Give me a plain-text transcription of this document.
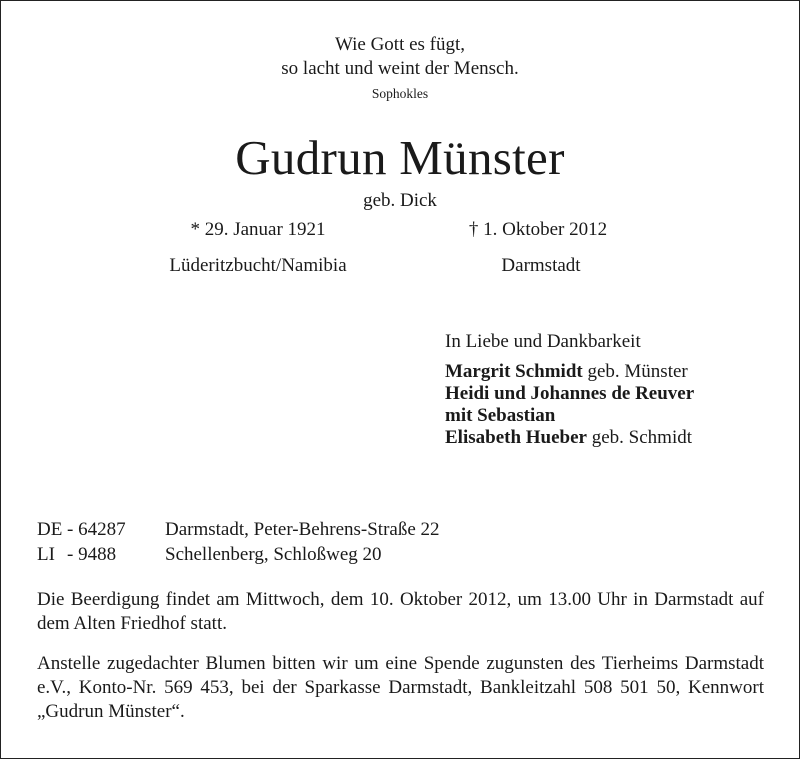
Wie Gott es fügt,
so lacht und weint der Mensch.
Sophokles
Gudrun Münster
geb. Dick
* 29. Januar 1921	† 1. Oktober 2012
Lüderitzbucht/Namibia	Darmstadt
In Liebe und Dankbarkeit
Margrit Schmidt geb. Münster
Heidi und Johannes de Reuver
mit Sebastian
Elisabeth Hueber geb. Schmidt
DE - 64287 Darmstadt, Peter-Behrens-Straße 22
LI - 9488	Schellenberg, Schloßweg 20
Die Beerdigung findet am Mittwoch, dem 10. Oktober 2012, um 13.00 Uhr in Darmstadt auf dem Alten Friedhof statt.
Anstelle zugedachter Blumen bitten wir um eine Spende zugunsten des Tierheims Darmstadt e.V., Konto-Nr. 569 453, bei der Sparkasse Darmstadt, Bankleitzahl 508 501 50, Kennwort „Gudrun Münster“.
